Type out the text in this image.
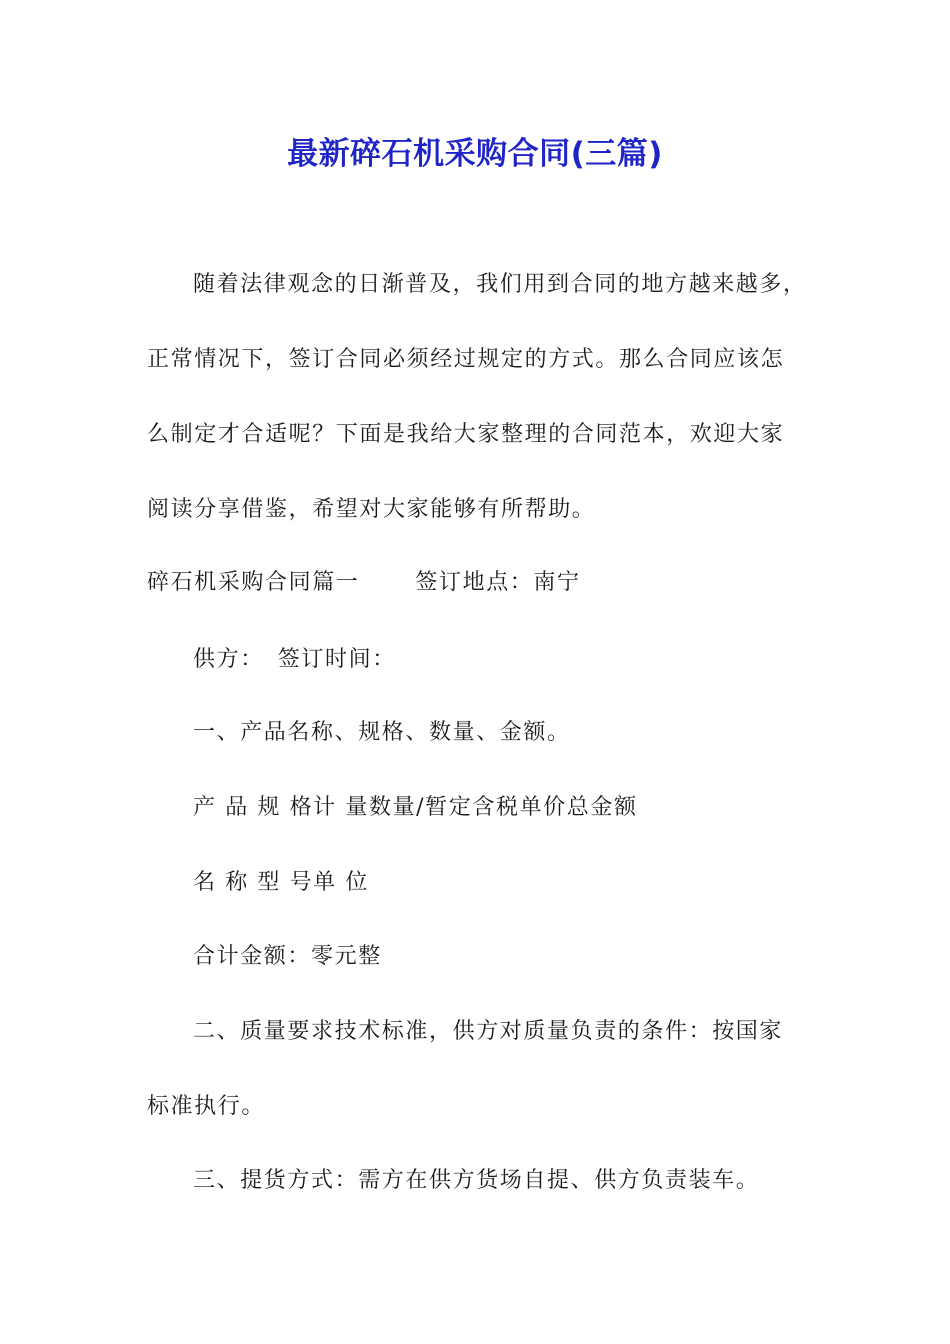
最新碎石机采购合同(三篇)
随着法律观念的日渐普及，我们用到合同的地方越来越多，
正常情况下，签订合同必须经过规定的方式。那么合同应该怎
么制定才合适呢？下面是我给大家整理的合同范本，欢迎大家
阅读分享借鉴，希望对大家能够有所帮助。
碎石机采购合同篇一	签订地点：南宁
供方： 签订时间：
一、产品名称、规格、数量、金额。
产 品 规 格计 量数量/暂定含税单价总金额
名 称 型 号单 位
合计金额：零元整
二、质量要求技术标准，供方对质量负责的条件：按国家
标准执行。
三、提货方式：需方在供方货场自提、供方负责装车。
